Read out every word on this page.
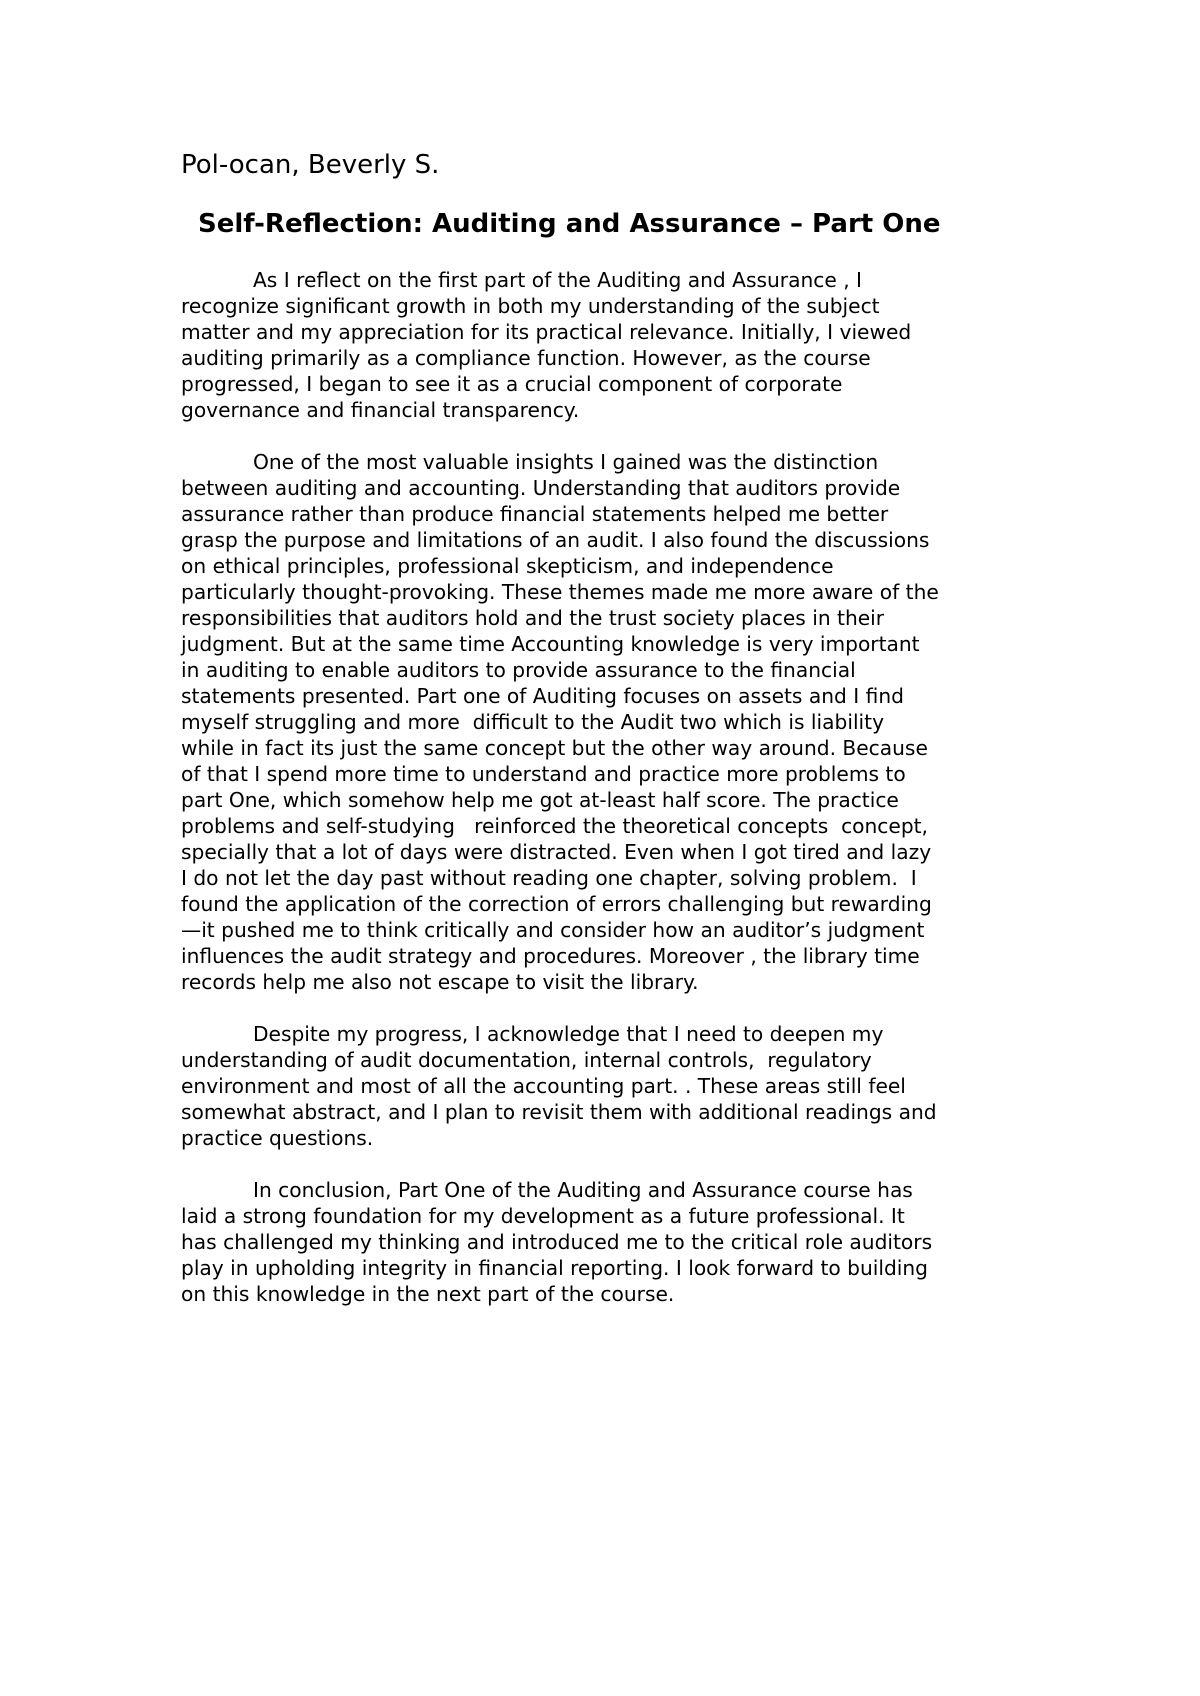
Pol-ocan, Beverly S.
Self-Reflection: Auditing and Assurance – Part One
As I reflect on the first part of the Auditing and Assurance , I
recognize significant growth in both my understanding of the subject
matter and my appreciation for its practical relevance. Initially, I viewed
auditing primarily as a compliance function. However, as the course
progressed, I began to see it as a crucial component of corporate
governance and financial transparency.
One of the most valuable insights I gained was the distinction
between auditing and accounting. Understanding that auditors provide
assurance rather than produce financial statements helped me better
grasp the purpose and limitations of an audit. I also found the discussions
on ethical principles, professional skepticism, and independence
particularly thought-provoking. These themes made me more aware of the
responsibilities that auditors hold and the trust society places in their
judgment. But at the same time Accounting knowledge is very important
in auditing to enable auditors to provide assurance to the financial
statements presented. Part one of Auditing focuses on assets and I find
myself struggling and more  difficult to the Audit two which is liability
while in fact its just the same concept but the other way around. Because
of that I spend more time to understand and practice more problems to
part One, which somehow help me got at-least half score. The practice
problems and self-studying   reinforced the theoretical concepts  concept,
specially that a lot of days were distracted. Even when I got tired and lazy
I do not let the day past without reading one chapter, solving problem.  I
found the application of the correction of errors challenging but rewarding
—it pushed me to think critically and consider how an auditor’s judgment
influences the audit strategy and procedures. Moreover , the library time
records help me also not escape to visit the library.
Despite my progress, I acknowledge that I need to deepen my
understanding of audit documentation, internal controls,  regulatory
environment and most of all the accounting part. . These areas still feel
somewhat abstract, and I plan to revisit them with additional readings and
practice questions.
In conclusion, Part One of the Auditing and Assurance course has
laid a strong foundation for my development as a future professional. It
has challenged my thinking and introduced me to the critical role auditors
play in upholding integrity in financial reporting. I look forward to building
on this knowledge in the next part of the course.
